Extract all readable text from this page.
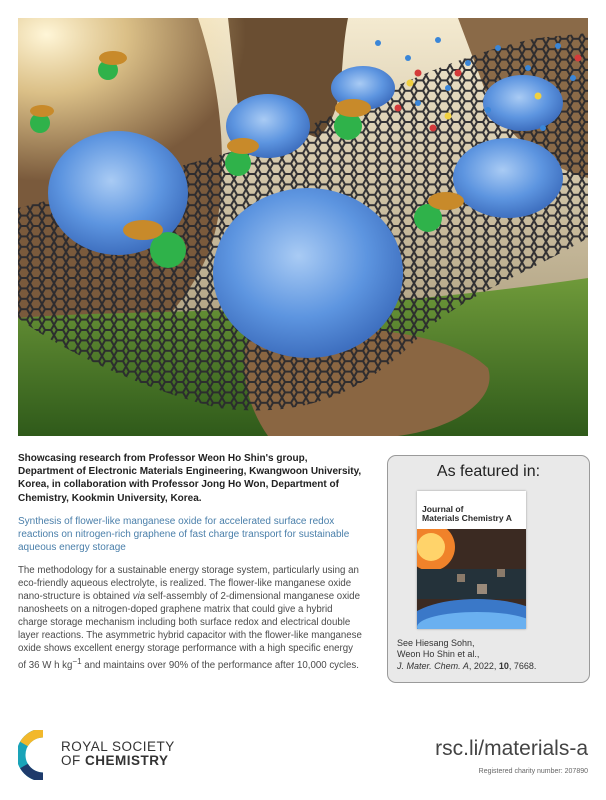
Showcasing research from Professor Weon Ho Shin's group, Department of Electronic Materials Engineering, Kwangwoon University, Korea, in collaboration with Professor Jong Ho Won, Department of Chemistry, Kookmin University, Korea.

Synthesis of flower-like manganese oxide for accelerated surface redox reactions on nitrogen-rich graphene of fast charge transport for sustainable aqueous energy storage

The methodology for a sustainable energy storage system, particularly using an eco-friendly aqueous electrolyte, is realized. The flower-like manganese oxide nano-structure is obtained via self-assembly of 2-dimensional manganese oxide nanosheets on a nitrogen-doped graphene matrix that could give a hybrid charge storage mechanism including both surface redox and electrical double layer reactions. The asymmetric hybrid capacitor with the flower-like manganese oxide shows excellent energy storage performance with a high specific energy of 36 W h $kg^{-1}$ and maintains over 90% of the performance after 10,000 cycles.

As featured in:
Journal of
Materials Chemistry A
See Hiesang Sohn,
Weon Ho Shin et al.,
J. Mater. Chem. A, 2022, 10, 7668.
ROYAL SOCIETY
OF CHEMISTRY
rsc.li/materials-a
Registered charity number: 207890
